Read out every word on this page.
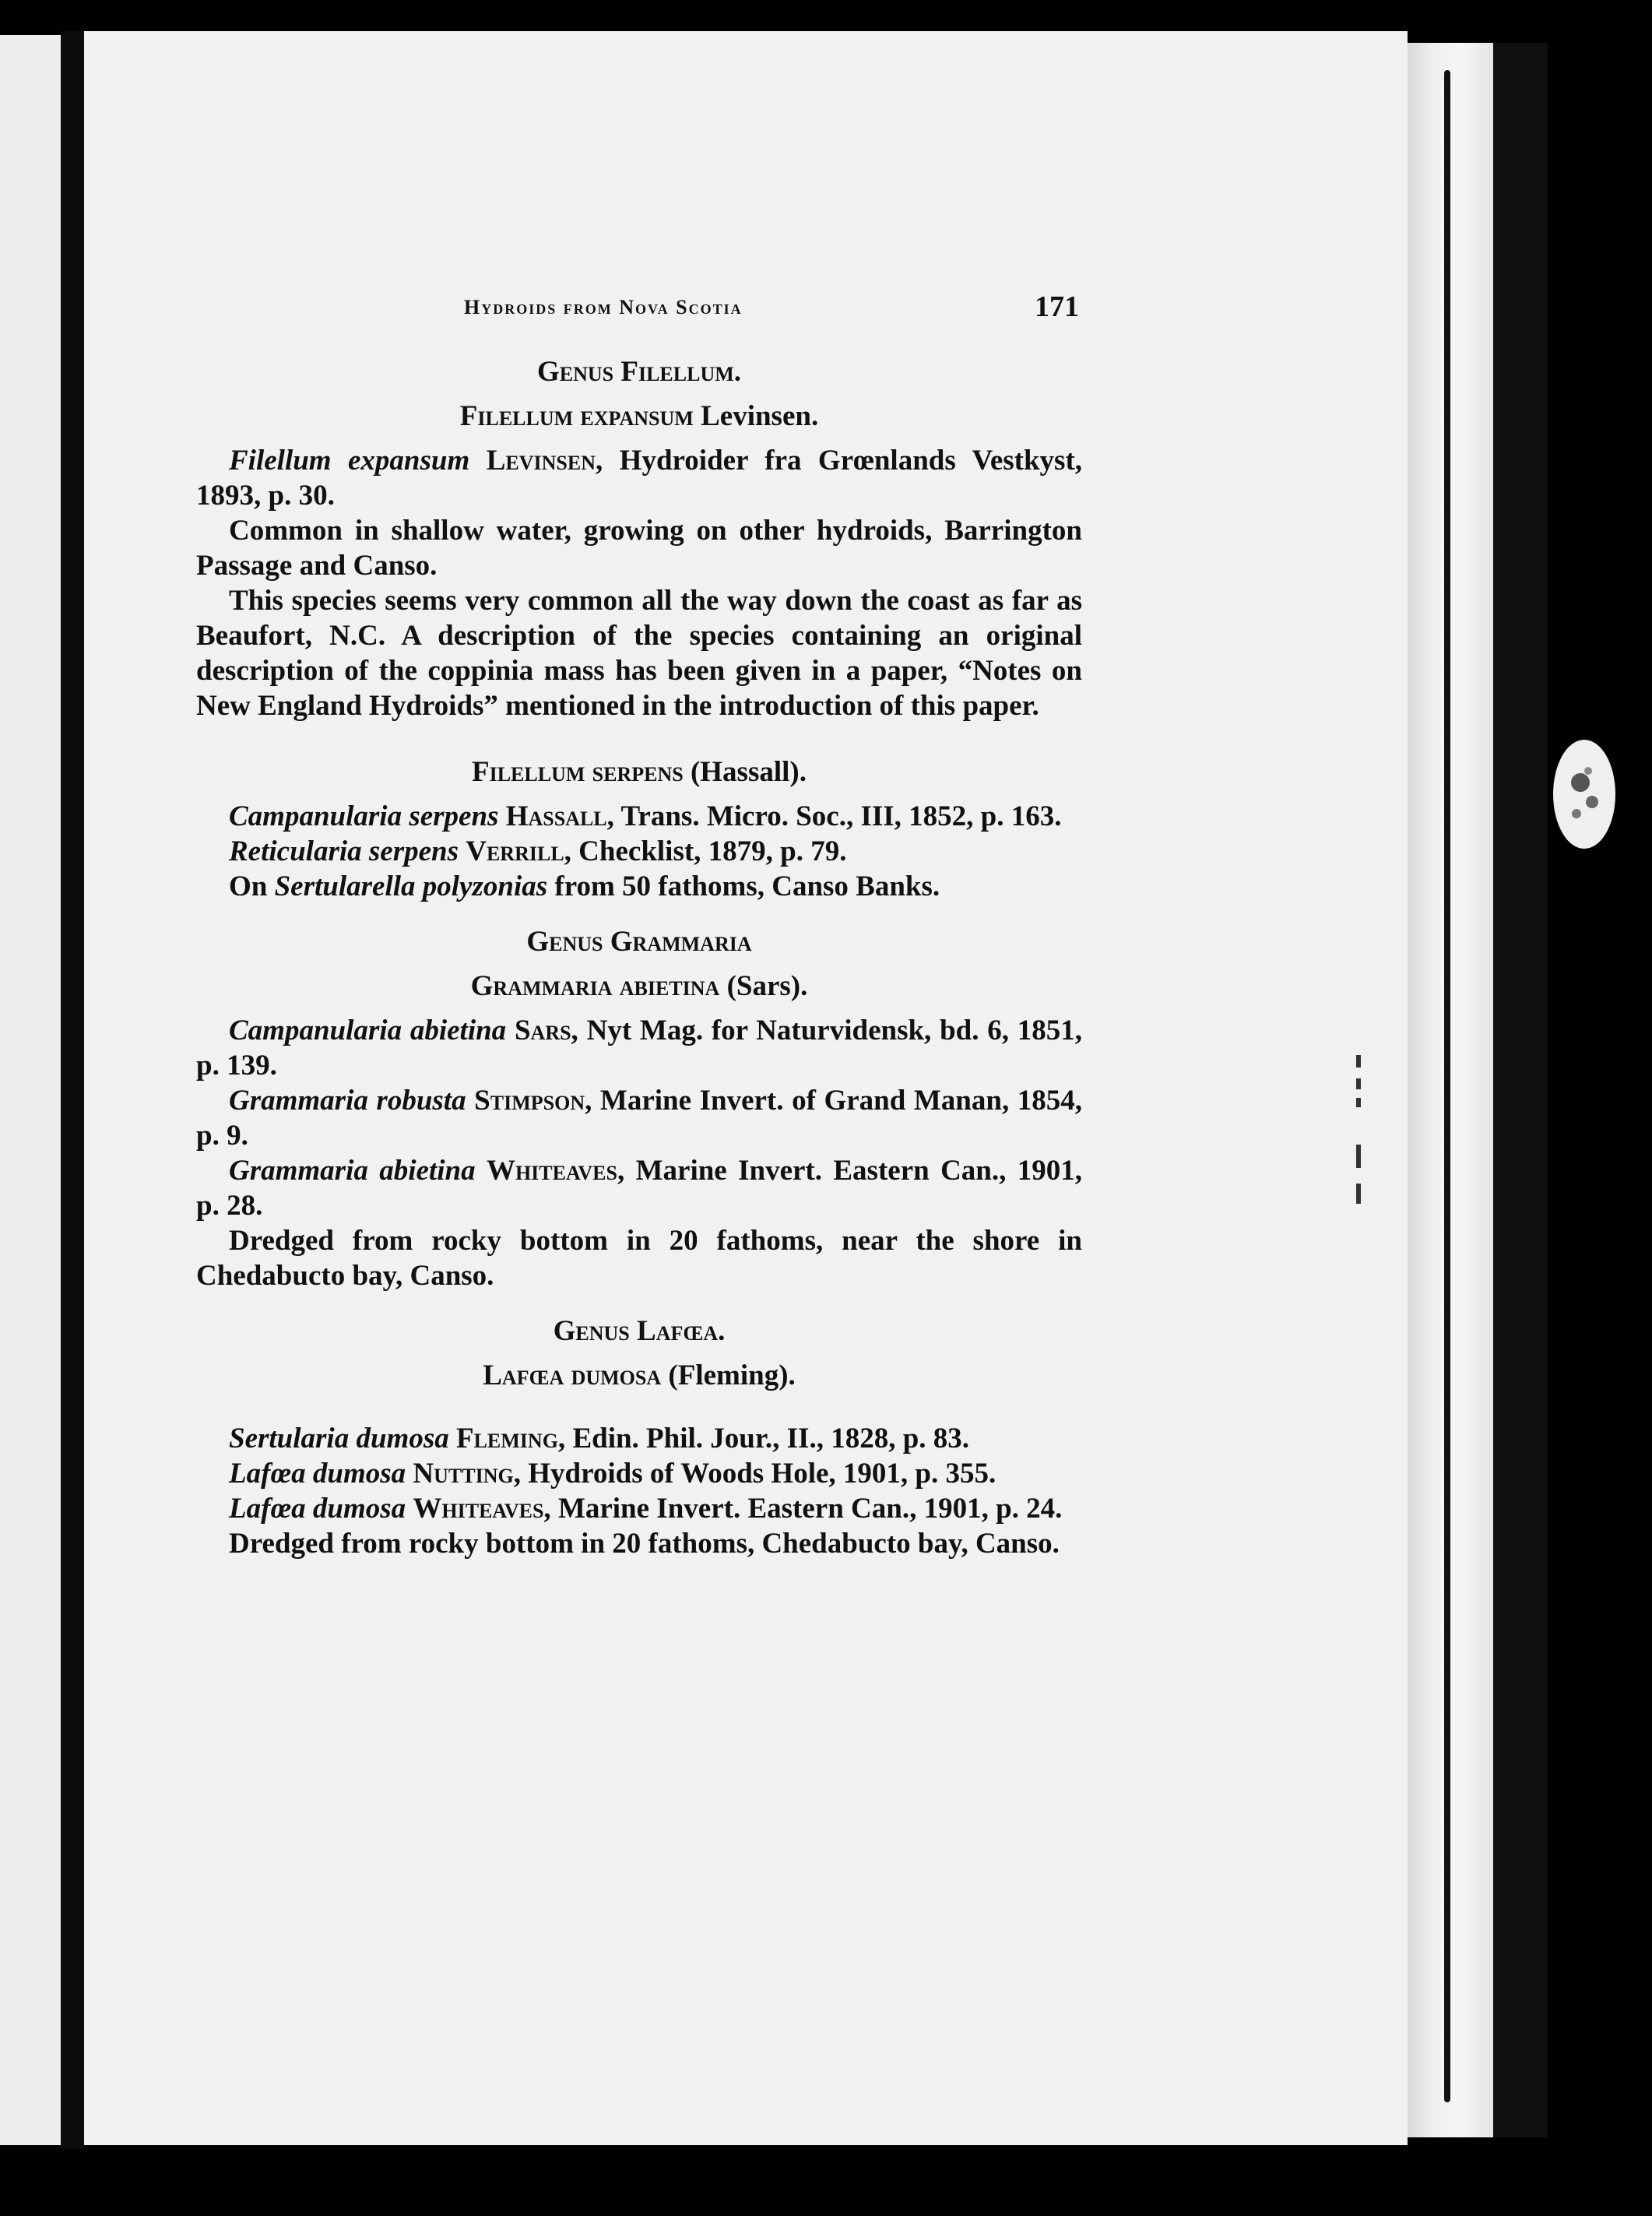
Hydroids from Nova Scotia	171
Genus Filellum.
Filellum expansum Levinsen.

Filellum expansum Levinsen, Hydroider fra Grœnlands Vestkyst, 1893, p. 30.

Common in shallow water, growing on other hydroids, Barrington Passage and Canso.

This species seems very common all the way down the coast as far as Beaufort, N.C. A description of the species containing an original description of the coppinia mass has been given in a paper, “Notes on New England Hydroids” mentioned in the introduction of this paper.

Filellum serpens (Hassall).

Campanularia serpens Hassall, Trans. Micro. Soc., III, 1852, p. 163.

Reticularia serpens Verrill, Checklist, 1879, p. 79.

On Sertularella polyzonias from 50 fathoms, Canso Banks.

Genus Grammaria
Grammaria abietina (Sars).

Campanularia abietina Sars, Nyt Mag. for Naturvidensk, bd. 6, 1851, p. 139.

Grammaria robusta Stimpson, Marine Invert. of Grand Manan, 1854, p. 9.

Grammaria abietina Whiteaves, Marine Invert. Eastern Can., 1901, p. 28.

Dredged from rocky bottom in 20 fathoms, near the shore in Chedabucto bay, Canso.

Genus Lafœa.
Lafœa dumosa (Fleming).

Sertularia dumosa Fleming, Edin. Phil. Jour., II., 1828, p. 83.

Lafœa dumosa Nutting, Hydroids of Woods Hole, 1901, p. 355.

Lafœa dumosa Whiteaves, Marine Invert. Eastern Can., 1901, p. 24.

Dredged from rocky bottom in 20 fathoms, Chedabucto bay, Canso.
